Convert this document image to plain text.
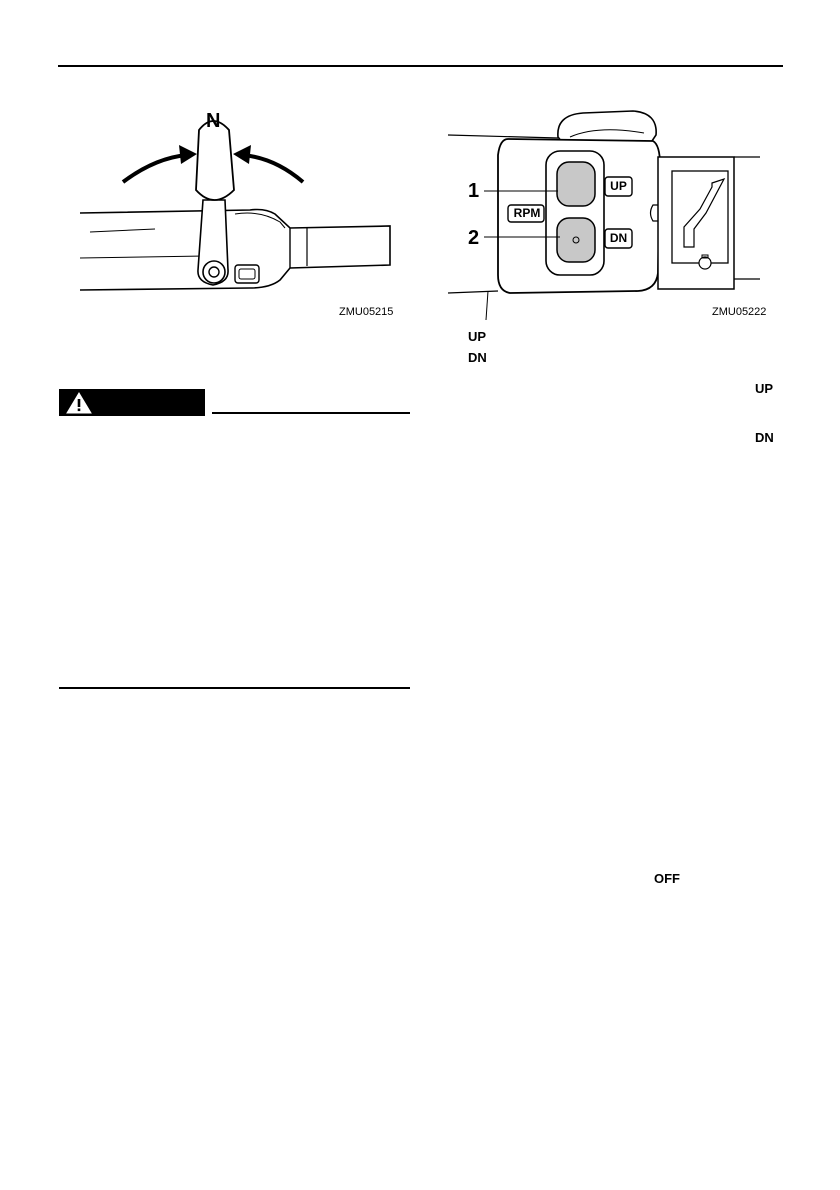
N
ZMU05215
1
2
RPM
UP
DN
ZMU05222
UP
DN
UP
DN
OFF
